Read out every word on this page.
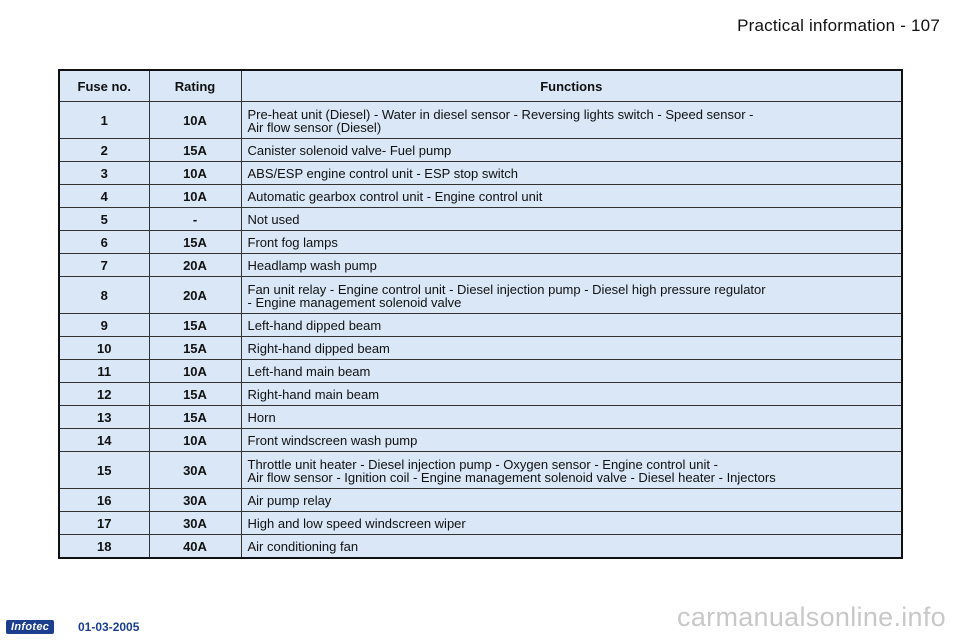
Practical information - 107
Fuse no.	Rating	Functions
1	10A	Pre-heat unit (Diesel) - Water in diesel sensor - Reversing lights switch - Speed sensor -
Air flow sensor (Diesel)

2	15A	Canister solenoid valve- Fuel pump

3	10A	ABS/ESP engine control unit - ESP stop switch

4	10A	Automatic gearbox control unit - Engine control unit

5	-	Not used

6	15A	Front fog lamps

7	20A	Headlamp wash pump

8	20A	Fan unit relay - Engine control unit - Diesel injection pump - Diesel high pressure regulator
- Engine management solenoid valve

9	15A	Left-hand dipped beam

10	15A	Right-hand dipped beam

11	10A	Left-hand main beam

12	15A	Right-hand main beam

13	15A	Horn

14	10A	Front windscreen wash pump

15	30A	Throttle unit heater - Diesel injection pump - Oxygen sensor - Engine control unit -
Air flow sensor - Ignition coil - Engine management solenoid valve - Diesel heater - Injectors

16	30A	Air pump relay

17	30A	High and low speed windscreen wiper

18	40A	Air conditioning fan
Infotec	01-03-2005	carmanualsonline.info
